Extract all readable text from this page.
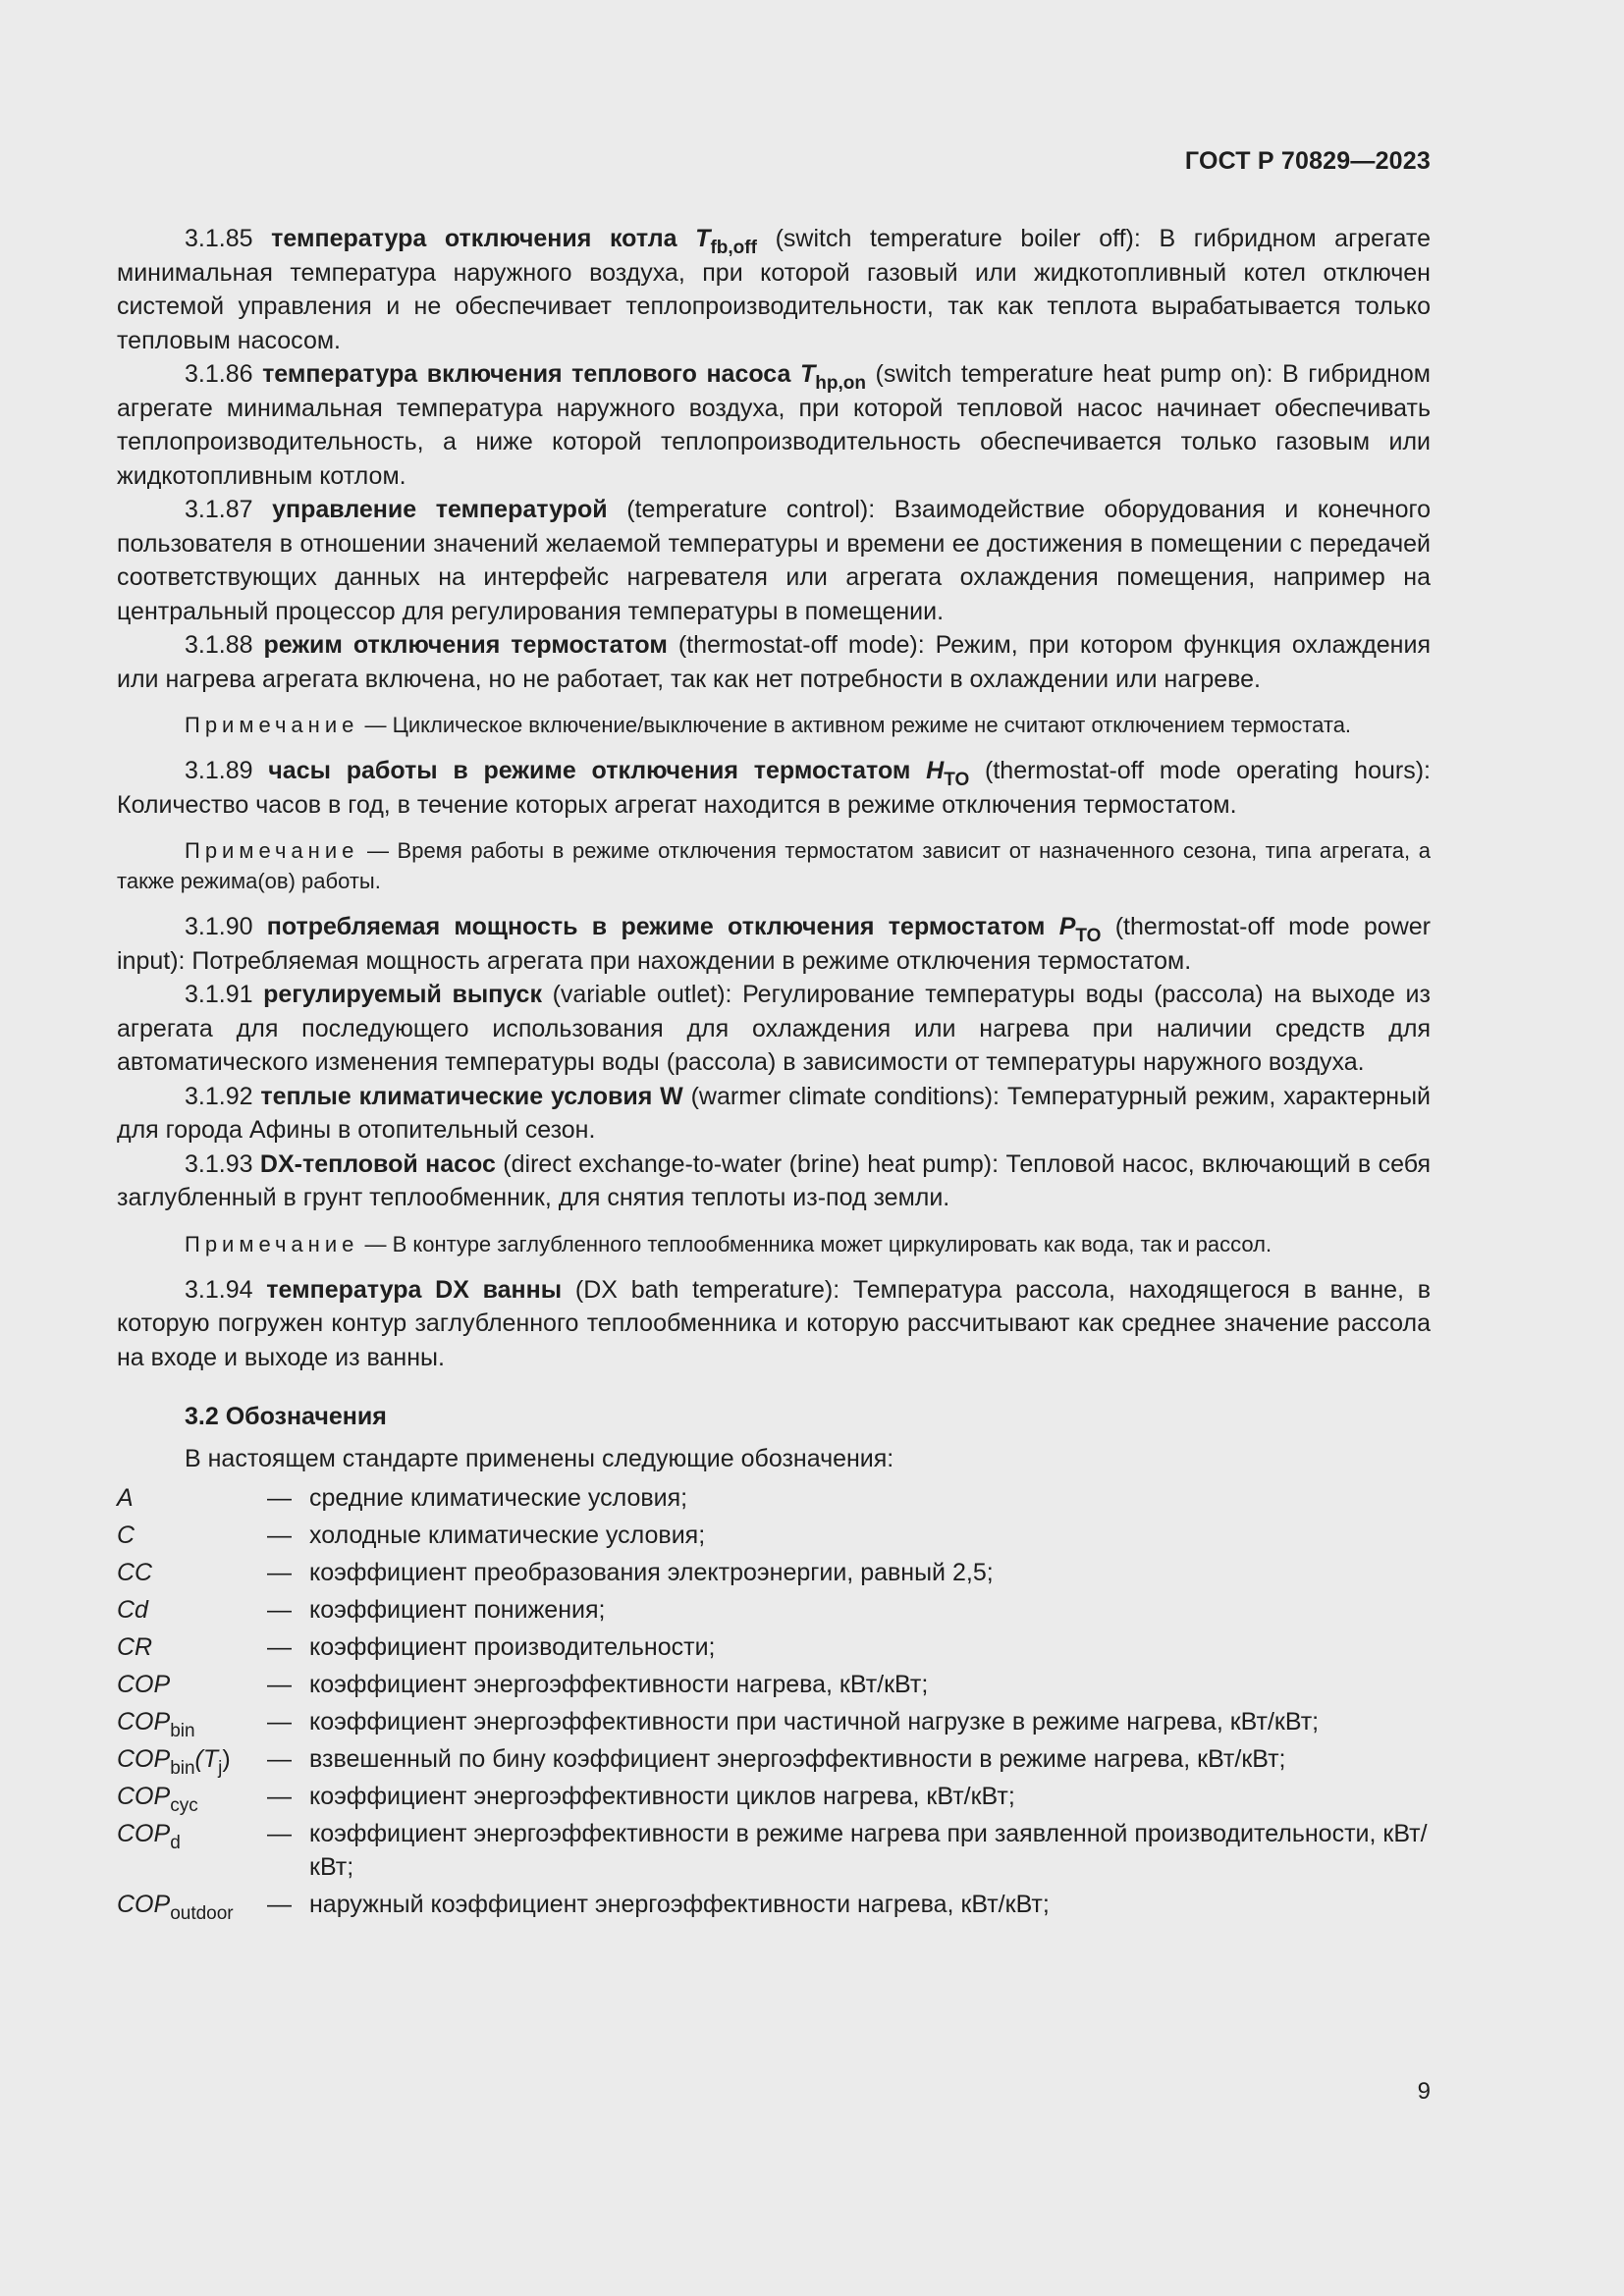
ГОСТ Р 70829—2023

3.1.85 температура отключения котла $T_{fb,off}$ (switch temperature boiler off): В гибридном агрегате минимальная температура наружного воздуха, при которой газовый или жидкотопливный котел отключен системой управления и не обеспечивает теплопроизводительности, так как теплота вырабатывается только тепловым насосом.

3.1.86 температура включения теплового насоса $T_{hp,on}$ (switch temperature heat pump on): В гибридном агрегате минимальная температура наружного воздуха, при которой тепловой насос начинает обеспечивать теплопроизводительность, а ниже которой теплопроизводительность обеспечивается только газовым или жидкотопливным котлом.

3.1.87 управление температурой (temperature control): Взаимодействие оборудования и конечного пользователя в отношении значений желаемой температуры и времени ее достижения в помещении с передачей соответствующих данных на интерфейс нагревателя или агрегата охлаждения помещения, например на центральный процессор для регулирования температуры в помещении.

3.1.88 режим отключения термостатом (thermostat-off mode): Режим, при котором функция охлаждения или нагрева агрегата включена, но не работает, так как нет потребности в охлаждении или нагреве.

Примечание — Циклическое включение/выключение в активном режиме не считают отключением термостата.

3.1.89 часы работы в режиме отключения термостатом $H_{TO}$ (thermostat-off mode operating hours): Количество часов в год, в течение которых агрегат находится в режиме отключения термостатом.

Примечание — Время работы в режиме отключения термостатом зависит от назначенного сезона, типа агрегата, а также режима(ов) работы.

3.1.90 потребляемая мощность в режиме отключения термостатом $P_{TO}$ (thermostat-off mode power input): Потребляемая мощность агрегата при нахождении в режиме отключения термостатом.

3.1.91 регулируемый выпуск (variable outlet): Регулирование температуры воды (рассола) на выходе из агрегата для последующего использования для охлаждения или нагрева при наличии средств для автоматического изменения температуры воды (рассола) в зависимости от температуры наружного воздуха.

3.1.92 теплые климатические условия W (warmer climate conditions): Температурный режим, характерный для города Афины в отопительный сезон.

3.1.93 DX-тепловой насос (direct exchange-to-water (brine) heat pump): Тепловой насос, включающий в себя заглубленный в грунт теплообменник, для снятия теплоты из-под земли.

Примечание — В контуре заглубленного теплообменника может циркулировать как вода, так и рассол.

3.1.94 температура DX ванны (DX bath temperature): Температура рассола, находящегося в ванне, в которую погружен контур заглубленного теплообменника и которую рассчитывают как среднее значение рассола на входе и выходе из ванны.

3.2 Обозначения

В настоящем стандарте применены следующие обозначения:

A	—	средние климатические условия;
C	—	холодные климатические условия;
CC	—	коэффициент преобразования электроэнергии, равный 2,5;
Cd	—	коэффициент понижения;
CR	—	коэффициент производительности;
COP	—	коэффициент энергоэффективности нагрева, кВт/кВт;
$COP_{bin}$	—	коэффициент энергоэффективности при частичной нагрузке в режиме нагрева, кВт/кВт;
$COP_{bin}(T_j)$	—	взвешенный по бину коэффициент энергоэффективности в режиме нагрева, кВт/кВт;
$COP_{cyc}$	—	коэффициент энергоэффективности циклов нагрева, кВт/кВт;
$COP_d$	—	коэффициент энергоэффективности в режиме нагрева при заявленной производительности, кВт/кВт;
$COP_{outdoor}$	—	наружный коэффициент энергоэффективности нагрева, кВт/кВт;
9
